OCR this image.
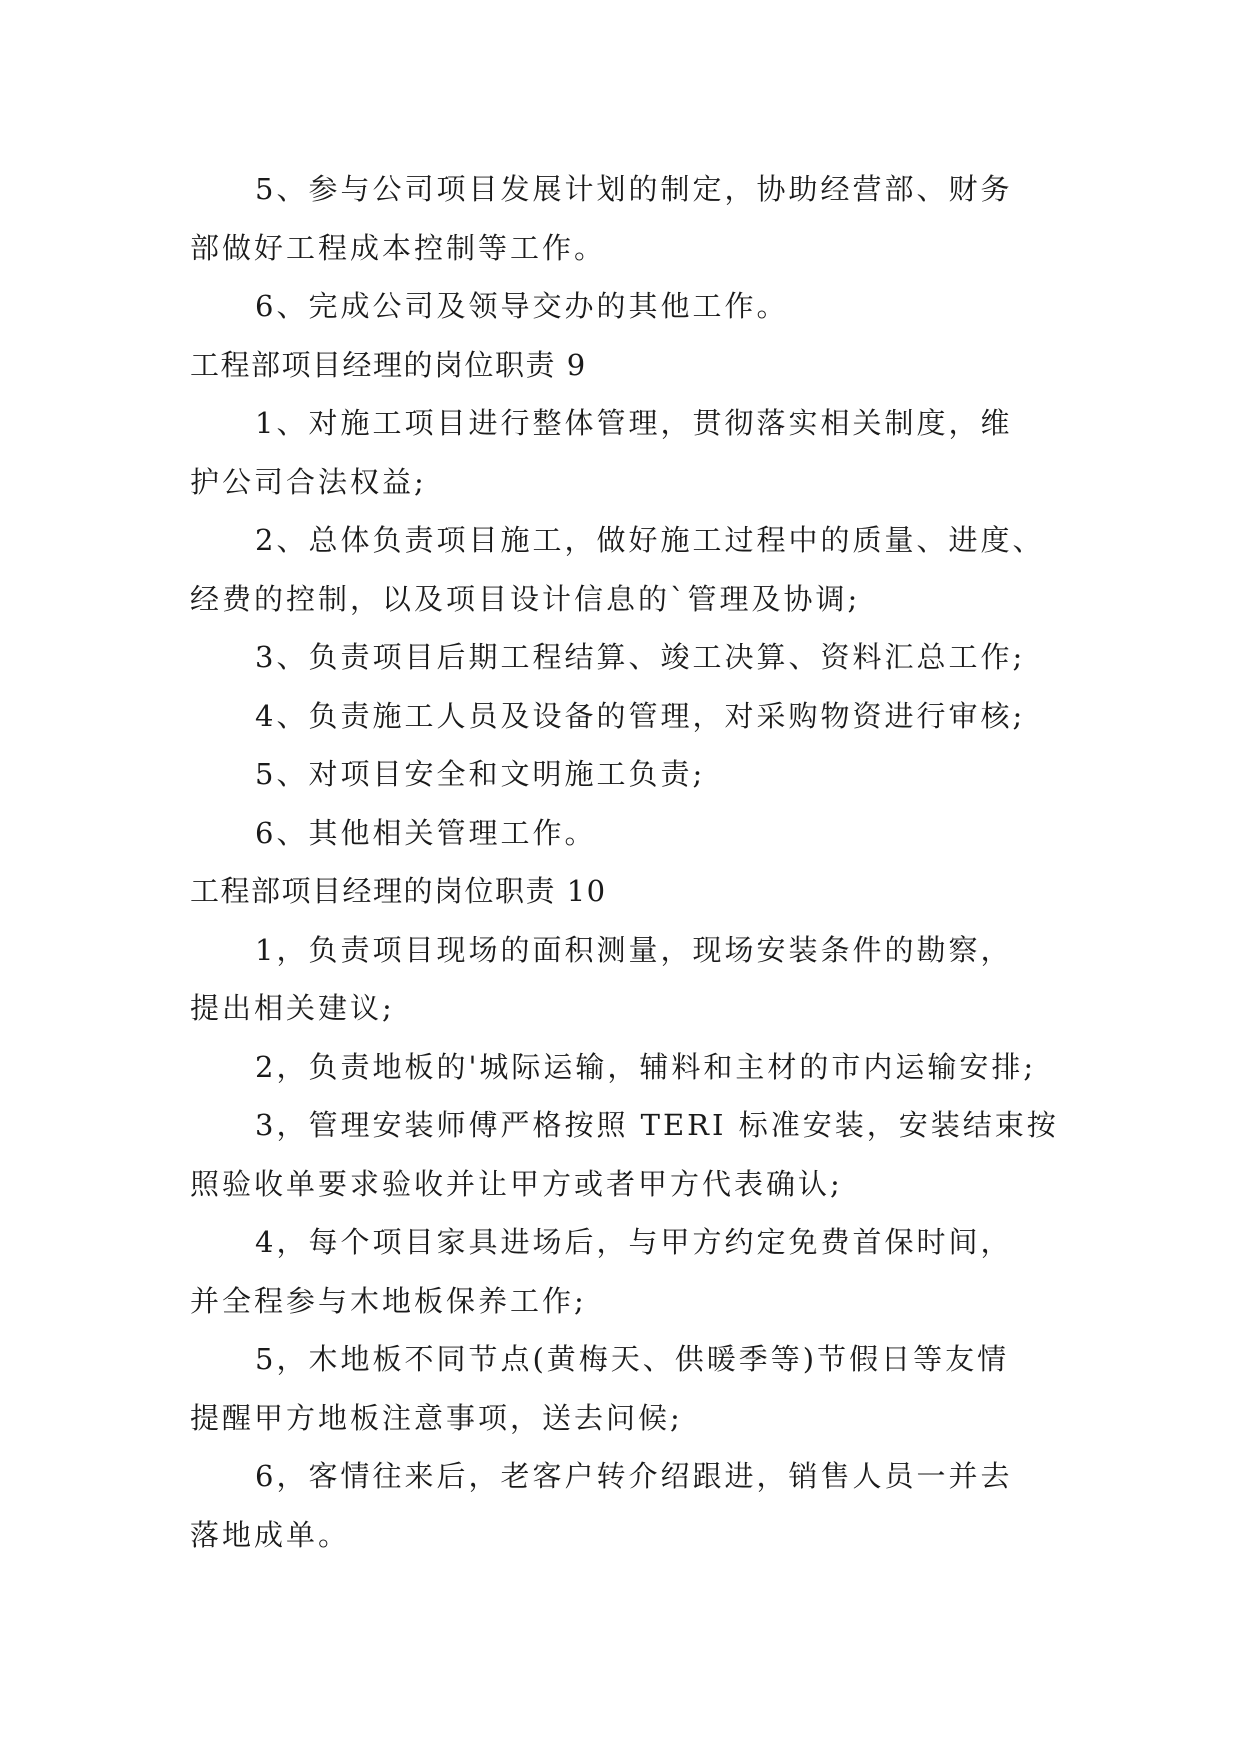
5、参与公司项目发展计划的制定，协助经营部、财务
部做好工程成本控制等工作。
6、完成公司及领导交办的其他工作。
工程部项目经理的岗位职责 9
1、对施工项目进行整体管理，贯彻落实相关制度，维
护公司合法权益;
2、总体负责项目施工，做好施工过程中的质量、进度、
经费的控制，以及项目设计信息的`管理及协调;
3、负责项目后期工程结算、竣工决算、资料汇总工作;
4、负责施工人员及设备的管理，对采购物资进行审核;
5、对项目安全和文明施工负责;
6、其他相关管理工作。
工程部项目经理的岗位职责 10
1，负责项目现场的面积测量，现场安装条件的勘察，
提出相关建议;
2，负责地板的'城际运输，辅料和主材的市内运输安排;
3，管理安装师傅严格按照 TERI 标准安装，安装结束按
照验收单要求验收并让甲方或者甲方代表确认;
4，每个项目家具进场后，与甲方约定免费首保时间，
并全程参与木地板保养工作;
5，木地板不同节点(黄梅天、供暖季等)节假日等友情
提醒甲方地板注意事项，送去问候;
6，客情往来后，老客户转介绍跟进，销售人员一并去
落地成单。
